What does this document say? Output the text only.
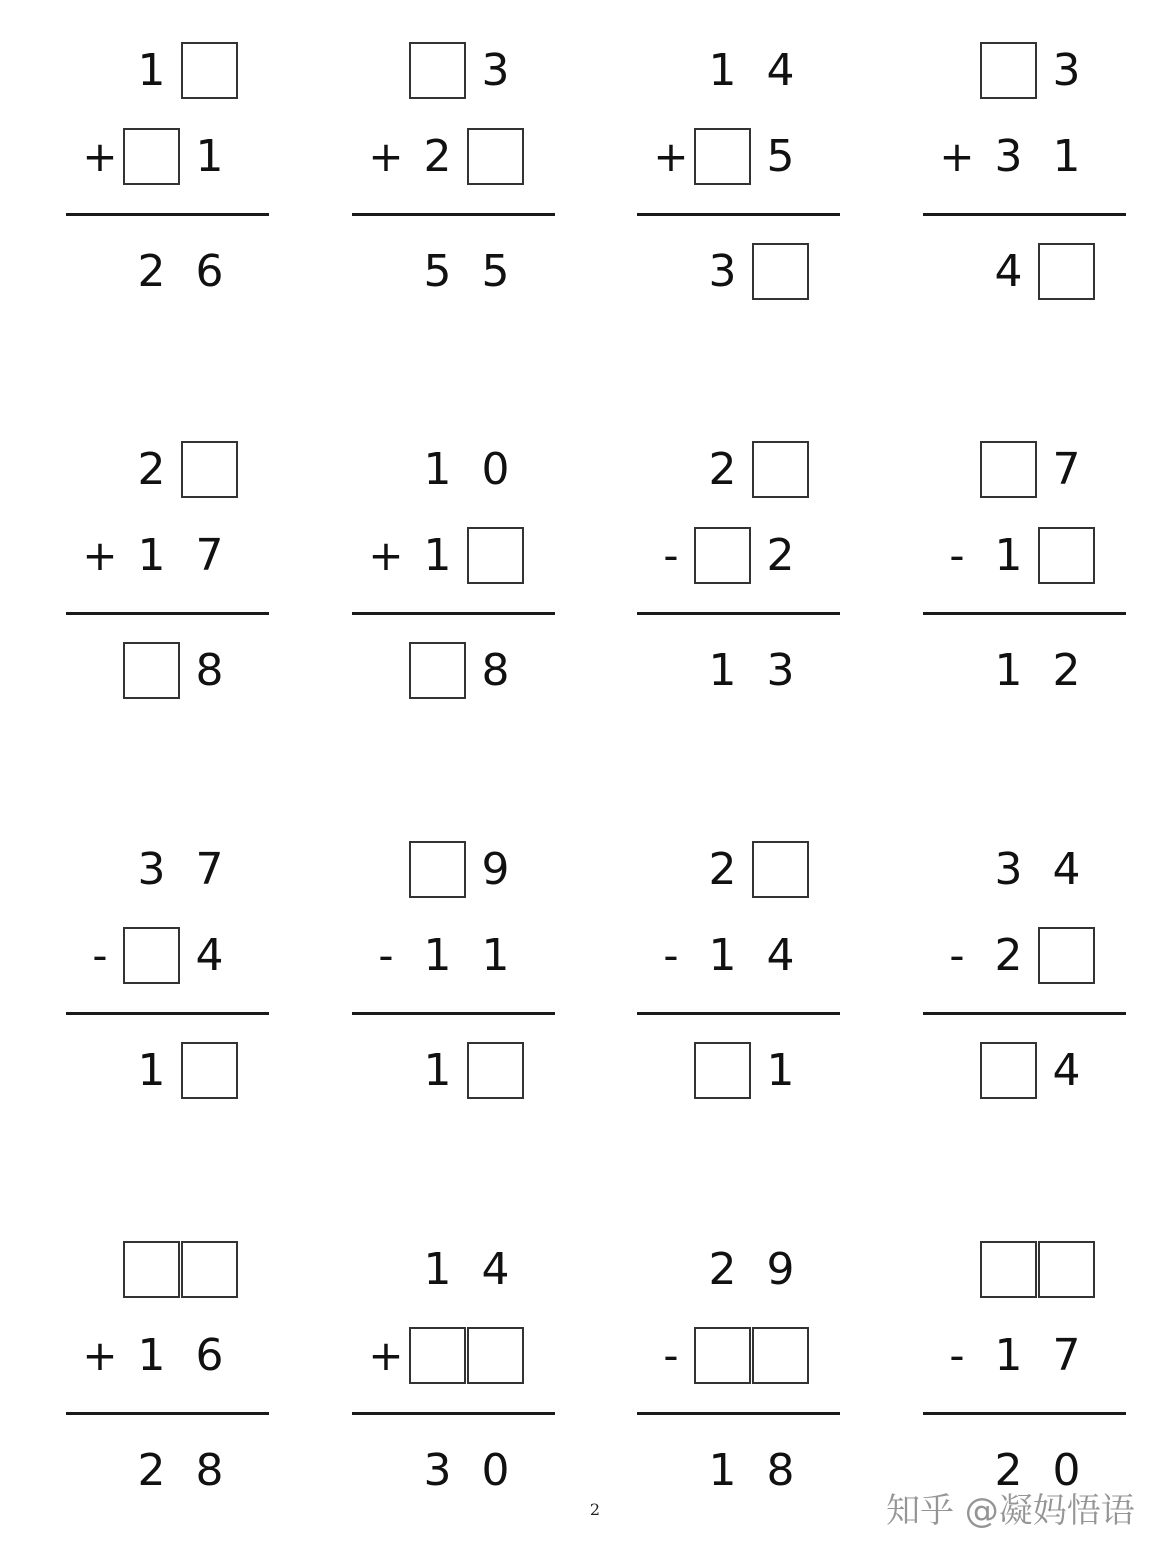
1
1
2 6
+
3
2
5 5
+
1 4
5
3
+
3
3 1
4
+
2
1 7
8
+
1 0
1
8
+
2
2
1 3
-
7
1
1 2
-
3 7
4
1
-
9
1 1
1
-
2
1 4
1
-
3 4
2
4
-
1 6
2 8
+
1 4
3 0
+
2 9
1 8
-	1 7
2 0
-
2	知乎 @凝妈悟语
